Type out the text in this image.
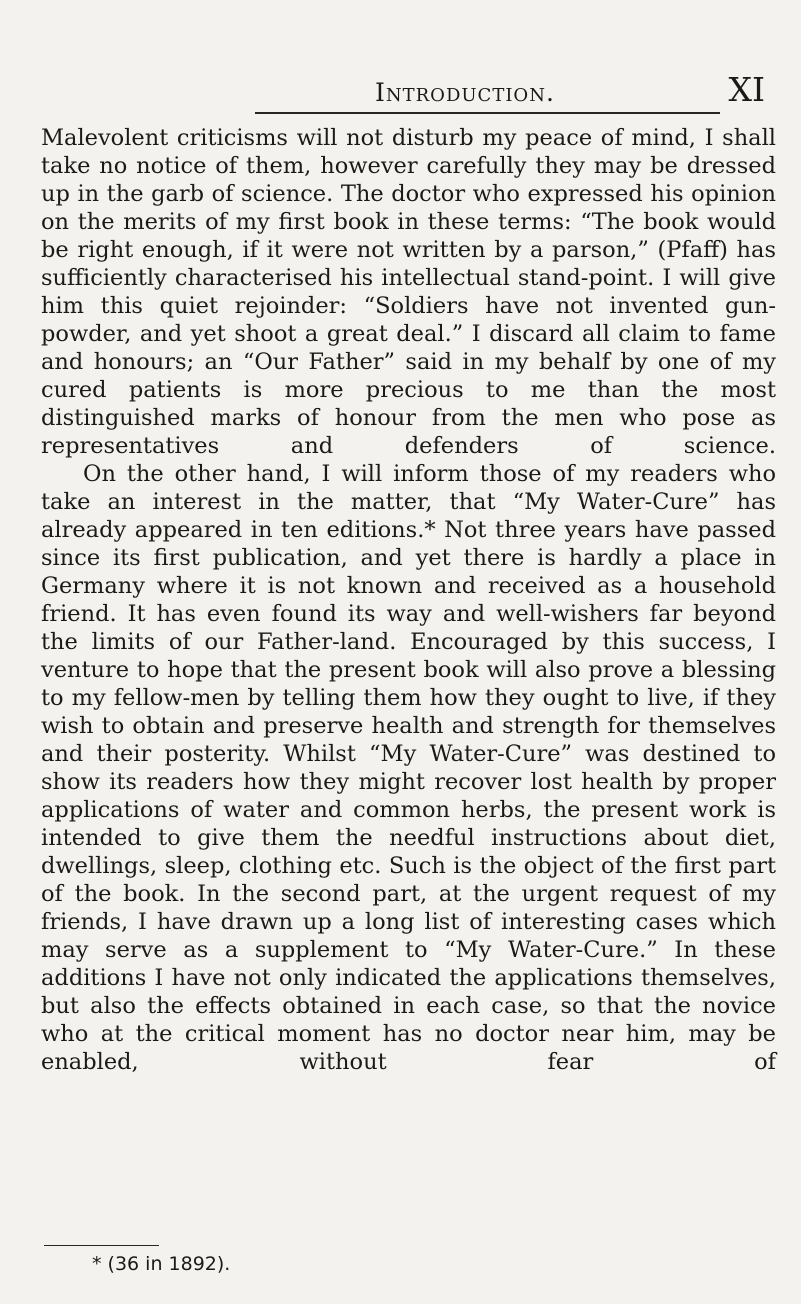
Introduction.	XI

Malevolent criticisms will not disturb my peace of mind, I shall take no notice of them, however carefully they may be dressed up in the garb of science. The doctor who expressed his opinion on the merits of my first book in these terms: “The book would be right enough, if it were not written by a parson,” (Pfaff) has sufficiently characterised his intellectual stand-point. I will give him this quiet rejoinder: “Soldiers have not invented gun-powder, and yet shoot a great deal.” I discard all claim to fame and honours; an “Our Father” said in my behalf by one of my cured patients is more precious to me than the most distinguished marks of honour from the men who pose as representatives and defenders of science.

On the other hand, I will inform those of my readers who take an interest in the matter, that “My Water-Cure” has already appeared in ten editions.* Not three years have passed since its first publication, and yet there is hardly a place in Germany where it is not known and received as a household friend. It has even found its way and well-wishers far beyond the limits of our Father-land. Encouraged by this success, I venture to hope that the present book will also prove a blessing to my fellow-men by telling them how they ought to live, if they wish to obtain and preserve health and strength for themselves and their posterity. Whilst “My Water-Cure” was destined to show its readers how they might recover lost health by proper applications of water and common herbs, the present work is intended to give them the needful instructions about diet, dwellings, sleep, clothing etc. Such is the object of the first part of the book. In the second part, at the urgent request of my friends, I have drawn up a long list of interesting cases which may serve as a supplement to “My Water-Cure.” In these additions I have not only indicated the applications themselves, but also the effects obtained in each case, so that the novice who at the critical moment has no doctor near him, may be enabled, without fear of

* (36 in 1892).
